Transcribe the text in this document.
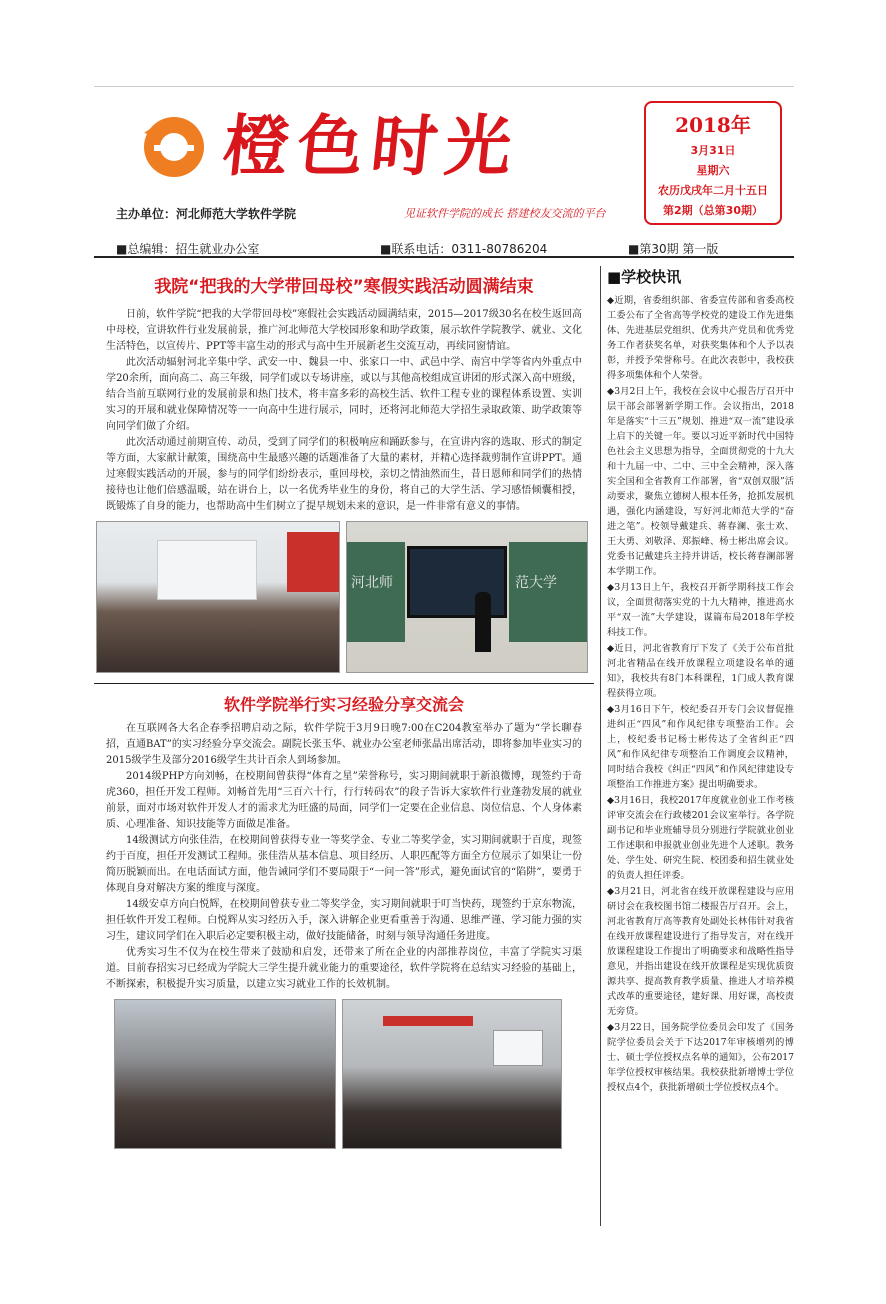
橙色时光
主办单位：河北师范大学软件学院	见证软件学院的成长 搭建校友交流的平台
2018年
3月31日
星期六
农历戊戌年二月十五日
第2期（总第30期）
■总编辑：招生就业办公室	■联系电话：0311-80786204	■第30期 第一版
我院“把我的大学带回母校”寒假实践活动圆满结束

日前，软件学院“把我的大学带回母校”寒假社会实践活动圆满结束，2015—2017级30名在校生返回高中母校，宣讲软件行业发展前景，推广河北师范大学校园形象和助学政策，展示软件学院教学、就业、文化生活特色，以宣传片、PPT等丰富生动的形式与高中生开展新老生交流互动，再续同窗情谊。

此次活动辐射河北辛集中学、武安一中、魏县一中、张家口一中、武邑中学、南宫中学等省内外重点中学20余所，面向高二、高三年级，同学们或以专场讲座，或以与其他高校组成宣讲团的形式深入高中班级，结合当前互联网行业的发展前景和热门技术，将丰富多彩的高校生活、软件工程专业的课程体系设置、实训实习的开展和就业保障情况等一一向高中生进行展示，同时，还将河北师范大学招生录取政策、助学政策等向同学们做了介绍。

此次活动通过前期宣传、动员，受到了同学们的积极响应和踊跃参与，在宣讲内容的选取、形式的制定等方面，大家献计献策，围绕高中生最感兴趣的话题准备了大量的素材，并精心选择裁剪制作宣讲PPT。通过寒假实践活动的开展，参与的同学们纷纷表示，重回母校，亲切之情油然而生，昔日恩师和同学们的热情接待也让他们倍感温暖，站在讲台上，以一名优秀毕业生的身份，将自己的大学生活、学习感悟倾囊相授，既锻炼了自身的能力，也帮助高中生们树立了提早规划未来的意识，是一件非常有意义的事情。

河北师	范大学
软件学院举行实习经验分享交流会

在互联网各大名企春季招聘启动之际，软件学院于3月9日晚7:00在C204教室举办了题为“学长聊春招，直通BAT”的实习经验分享交流会。副院长张玉华、就业办公室老师张晶出席活动，即将参加毕业实习的2015级学生及部分2016级学生共计百余人到场参加。

2014级PHP方向刘畅，在校期间曾获得“体育之星”荣誉称号，实习期间就职于新浪微博，现签约于奇虎360，担任开发工程师。刘畅首先用“三百六十行，行行转码农”的段子告诉大家软件行业蓬勃发展的就业前景，面对市场对软件开发人才的需求尤为旺盛的局面，同学们一定要在企业信息、岗位信息、个人身体素质、心理准备、知识技能等方面做足准备。

14级测试方向张佳浩，在校期间曾获得专业一等奖学金、专业二等奖学金，实习期间就职于百度，现签约于百度，担任开发测试工程师。张佳浩从基本信息、项目经历、人职匹配等方面全方位展示了如果让一份简历脱颖而出。在电话面试方面，他告诫同学们不要局限于“一问一答”形式，避免面试官的“陷阱”，要勇于体现自身对解决方案的维度与深度。

14级安卓方向白悦辉，在校期间曾获专业二等奖学金，实习期间就职于叮当快药，现签约于京东物流，担任软件开发工程师。白悦辉从实习经历入手，深入讲解企业更看重善于沟通、思维严谨、学习能力强的实习生，建议同学们在入职后必定要积极主动，做好技能储备，时刻与领导沟通任务进度。

优秀实习生不仅为在校生带来了鼓励和启发，还带来了所在企业的内部推荐岗位，丰富了学院实习渠道。目前春招实习已经成为学院大三学生提升就业能力的重要途径，软件学院将在总结实习经验的基础上，不断探索，积极提升实习质量，以建立实习就业工作的长效机制。

■学校快讯

◆近期，省委组织部、省委宣传部和省委高校工委公布了全省高等学校党的建设工作先进集体、先进基层党组织、优秀共产党员和优秀党务工作者获奖名单，对获奖集体和个人予以表彰，并授予荣誉称号。在此次表彰中，我校获得多项集体和个人荣誉。

◆3月2日上午，我校在会议中心报告厅召开中层干部会部署新学期工作。会议指出，2018年是落实“十三五”规划、推进“双一流”建设承上启下的关键一年。要以习近平新时代中国特色社会主义思想为指导，全面贯彻党的十九大和十九届一中、二中、三中全会精神，深入落实全国和全省教育工作部署，省“双创双服”活动要求，聚焦立德树人根本任务，抢抓发展机遇，强化内涵建设，写好河北师范大学的“奋进之笔”。校领导戴建兵、蒋春澜、张士欢、王大勇、刘敬泽、郑振峰、杨士彬出席会议。党委书记戴建兵主持并讲话，校长蒋春澜部署本学期工作。

◆3月13日上午，我校召开新学期科技工作会议，全面贯彻落实党的十九大精神，推进高水平“双一流”大学建设，谋篇布局2018年学校科技工作。

◆近日，河北省教育厅下发了《关于公布首批河北省精品在线开放课程立项建设名单的通知》，我校共有8门本科课程，1门成人教育课程获得立项。

◆3月16日下午，校纪委召开专门会议督促推进纠正“四风”和作风纪律专项整治工作。会上，校纪委书记杨士彬传达了全省纠正“四风”和作风纪律专项整治工作调度会议精神，同时结合我校《纠正“四风”和作风纪律建设专项整治工作推进方案》提出明确要求。

◆3月16日，我校2017年度就业创业工作考核评审交流会在行政楼201会议室举行。各学院副书记和毕业班辅导员分别进行学院就业创业工作述职和申报就业创业先进个人述职。教务处、学生处、研究生院、校团委和招生就业处的负责人担任评委。

◆3月21日，河北省在线开放课程建设与应用研讨会在我校图书馆二楼报告厅召开。会上，河北省教育厅高等教育处副处长林伟针对我省在线开放课程建设进行了指导发言，对在线开放课程建设工作提出了明确要求和战略性指导意见，并指出建设在线开放课程是实现优质资源共享、提高教育教学质量、推进人才培养模式改革的重要途径，建好课、用好课，高校责无旁贷。

◆3月22日，国务院学位委员会印发了《国务院学位委员会关于下达2017年审核增列的博士、硕士学位授权点名单的通知》，公布2017年学位授权审核结果。我校获批新增博士学位授权点4个，获批新增硕士学位授权点4个。
